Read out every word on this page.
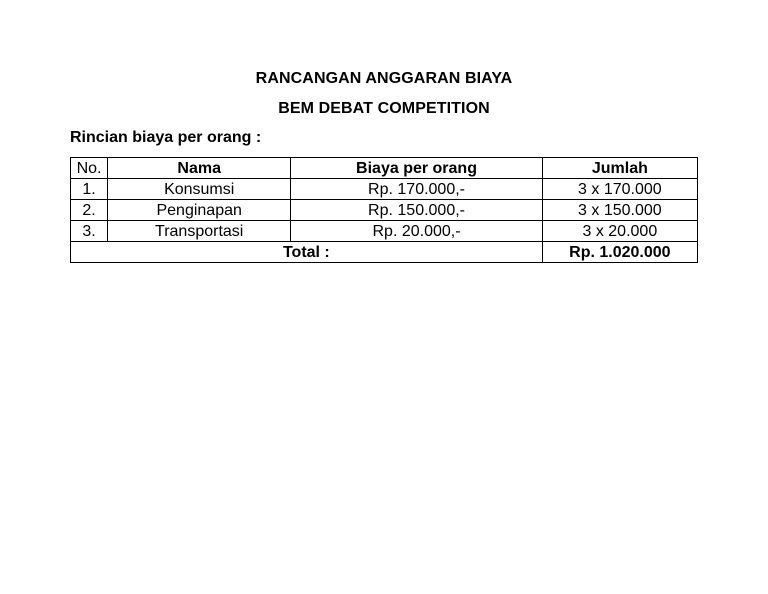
RANCANGAN ANGGARAN BIAYA
BEM DEBAT COMPETITION
Rincian biaya per orang :
No.	Nama	Biaya per orang	Jumlah
1.	Konsumsi	Rp. 170.000,-	3 x 170.000
2.	Penginapan	Rp. 150.000,-	3 x 150.000
3.	Transportasi	Rp. 20.000,-	3 x 20.000
Total :			Rp. 1.020.000
